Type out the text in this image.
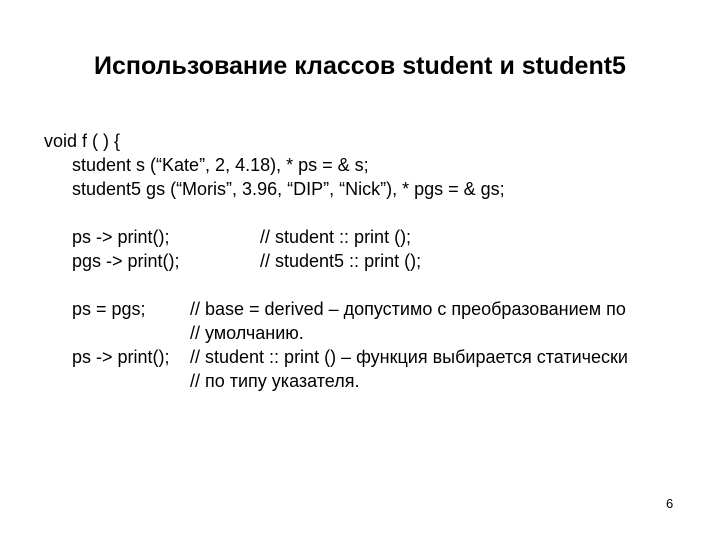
Использование классов student и student5
void f ( ) {
student s (“Kate”, 2, 4.18), * ps = & s;
student5 gs (“Moris”, 3.96, “DIP”, “Nick”), * pgs = & gs;
ps -> print();	// student :: print ();
pgs -> print();	// student5 :: print ();
ps = pgs; // base = derived – допустимо с преобразованием по
// умолчанию.
ps -> print(); // student :: print () – функция выбирается статически
// по типу указателя.
6
